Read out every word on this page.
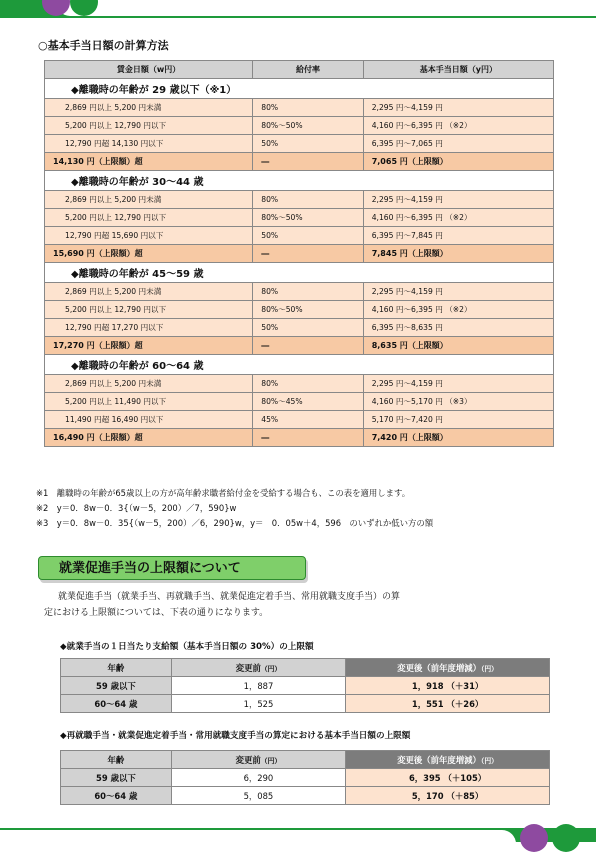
○基本手当日額の計算方法
賃金日額（w円）	給付率	基本手当日額（y円）
◆離職時の年齢が 29 歳以下（※1）		
2,869 円以上 5,200 円未満	80%	2,295 円～4,159 円
5,200 円以上 12,790 円以下	80%～50%	4,160 円～6,395 円 （※2）
12,790 円超 14,130 円以下	50%	6,395 円～7,065 円
14,130 円（上限額）超	―	7,065 円（上限額）
◆離職時の年齢が 30～44 歳		
2,869 円以上 5,200 円未満	80%	2,295 円～4,159 円
5,200 円以上 12,790 円以下	80%～50%	4,160 円～6,395 円 （※2）
12,790 円超 15,690 円以下	50%	6,395 円～7,845 円
15,690 円（上限額）超	―	7,845 円（上限額）
◆離職時の年齢が 45～59 歳		
2,869 円以上 5,200 円未満	80%	2,295 円～4,159 円
5,200 円以上 12,790 円以下	80%～50%	4,160 円～6,395 円 （※2）
12,790 円超 17,270 円以下	50%	6,395 円～8,635 円
17,270 円（上限額）超	―	8,635 円（上限額）
◆離職時の年齢が 60～64 歳		
2,869 円以上 5,200 円未満	80%	2,295 円～4,159 円
5,200 円以上 11,490 円以下	80%～45%	4,160 円～5,170 円 （※3）
11,490 円超 16,490 円以下	45%	5,170 円～7,420 円
16,490 円（上限額）超	―	7,420 円（上限額）
※1　離職時の年齢が65歳以上の方が高年齢求職者給付金を受給する場合も、この表を適用します。
※2　y＝0．8w－0．3{（w－5，200）／7，590}w
※3　y＝0．8w－0．35{（w－5，200）／6，290}w，y＝　0．05w＋4，596　のいずれか低い方の額
就業促進手当の上限額について
就業促進手当（就業手当、再就職手当、就業促進定着手当、常用就職支度手当）の算
定における上限額については、下表の通りになります。
◆就業手当の１日当たり支給額（基本手当日額の 30%）の上限額
年齢	変更前（円）	変更後（前年度増減）（円）
59 歳以下	1，887	1，918 （＋31）
60～64 歳	1，525	1，551 （＋26）
◆再就職手当・就業促進定着手当・常用就職支度手当の算定における基本手当日額の上限額
年齢	変更前（円）	変更後（前年度増減）（円）
59 歳以下	6，290	6，395 （＋105）
60～64 歳	5，085	5，170 （＋85）
